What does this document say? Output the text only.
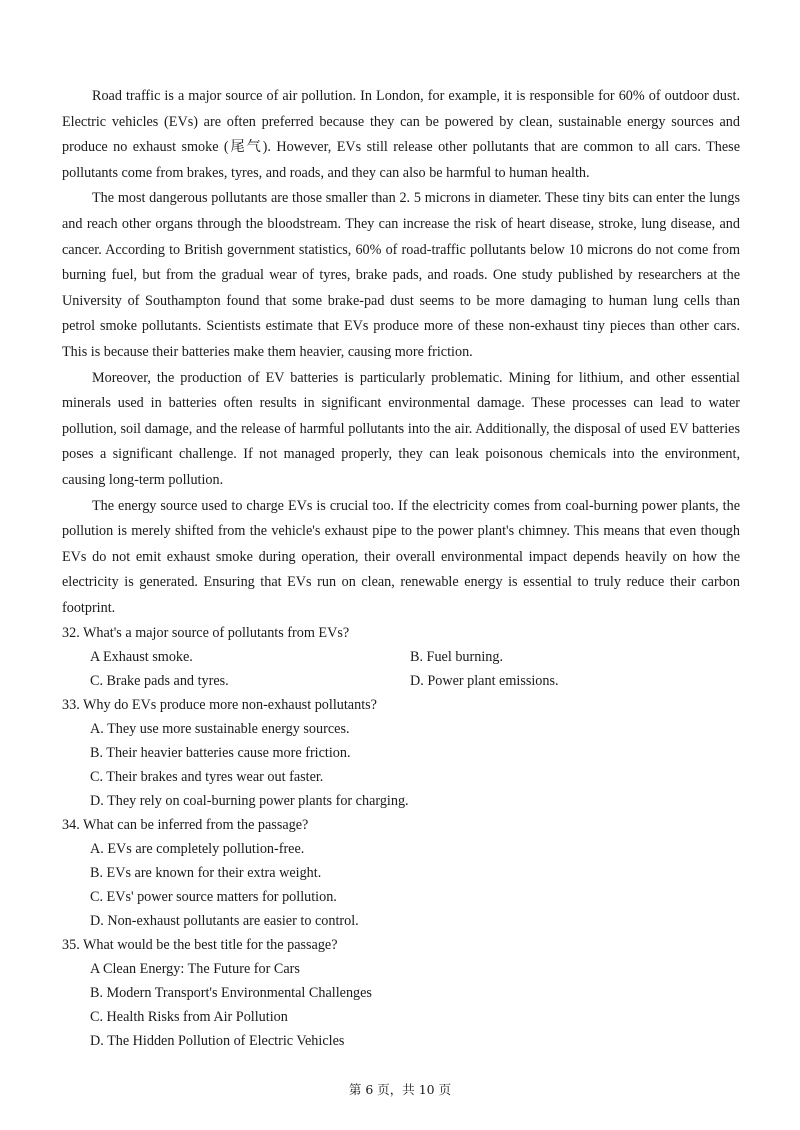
Road traffic is a major source of air pollution. In London, for example, it is responsible for 60% of outdoor dust. Electric vehicles (EVs) are often preferred because they can be powered by clean, sustainable energy sources and produce no exhaust smoke (尾气). However, EVs still release other pollutants that are common to all cars. These pollutants come from brakes, tyres, and roads, and they can also be harmful to human health.

The most dangerous pollutants are those smaller than 2. 5 microns in diameter. These tiny bits can enter the lungs and reach other organs through the bloodstream. They can increase the risk of heart disease, stroke, lung disease, and cancer. According to British government statistics, 60% of road-traffic pollutants below 10 microns do not come from burning fuel, but from the gradual wear of tyres, brake pads, and roads. One study published by researchers at the University of Southampton found that some brake-pad dust seems to be more damaging to human lung cells than petrol smoke pollutants. Scientists estimate that EVs produce more of these non-exhaust tiny pieces than other cars. This is because their batteries make them heavier, causing more friction.

Moreover, the production of EV batteries is particularly problematic. Mining for lithium, and other essential minerals used in batteries often results in significant environmental damage. These processes can lead to water pollution, soil damage, and the release of harmful pollutants into the air. Additionally, the disposal of used EV batteries poses a significant challenge. If not managed properly, they can leak poisonous chemicals into the environment, causing long-term pollution.

The energy source used to charge EVs is crucial too. If the electricity comes from coal-burning power plants, the pollution is merely shifted from the vehicle's exhaust pipe to the power plant's chimney. This means that even though EVs do not emit exhaust smoke during operation, their overall environmental impact depends heavily on how the electricity is generated. Ensuring that EVs run on clean, renewable energy is essential to truly reduce their carbon footprint.

32. What's a major source of pollutants from EVs?

A Exhaust smoke.	B. Fuel burning.

C. Brake pads and tyres.	D. Power plant emissions.

33. Why do EVs produce more non-exhaust pollutants?

A. They use more sustainable energy sources.

B. Their heavier batteries cause more friction.

C. Their brakes and tyres wear out faster.

D. They rely on coal-burning power plants for charging.

34. What can be inferred from the passage?

A. EVs are completely pollution-free.

B. EVs are known for their extra weight.

C. EVs' power source matters for pollution.

D. Non-exhaust pollutants are easier to control.

35. What would be the best title for the passage?

A Clean Energy: The Future for Cars

B. Modern Transport's Environmental Challenges

C. Health Risks from Air Pollution

D. The Hidden Pollution of Electric Vehicles

第 6 页，共 10 页
